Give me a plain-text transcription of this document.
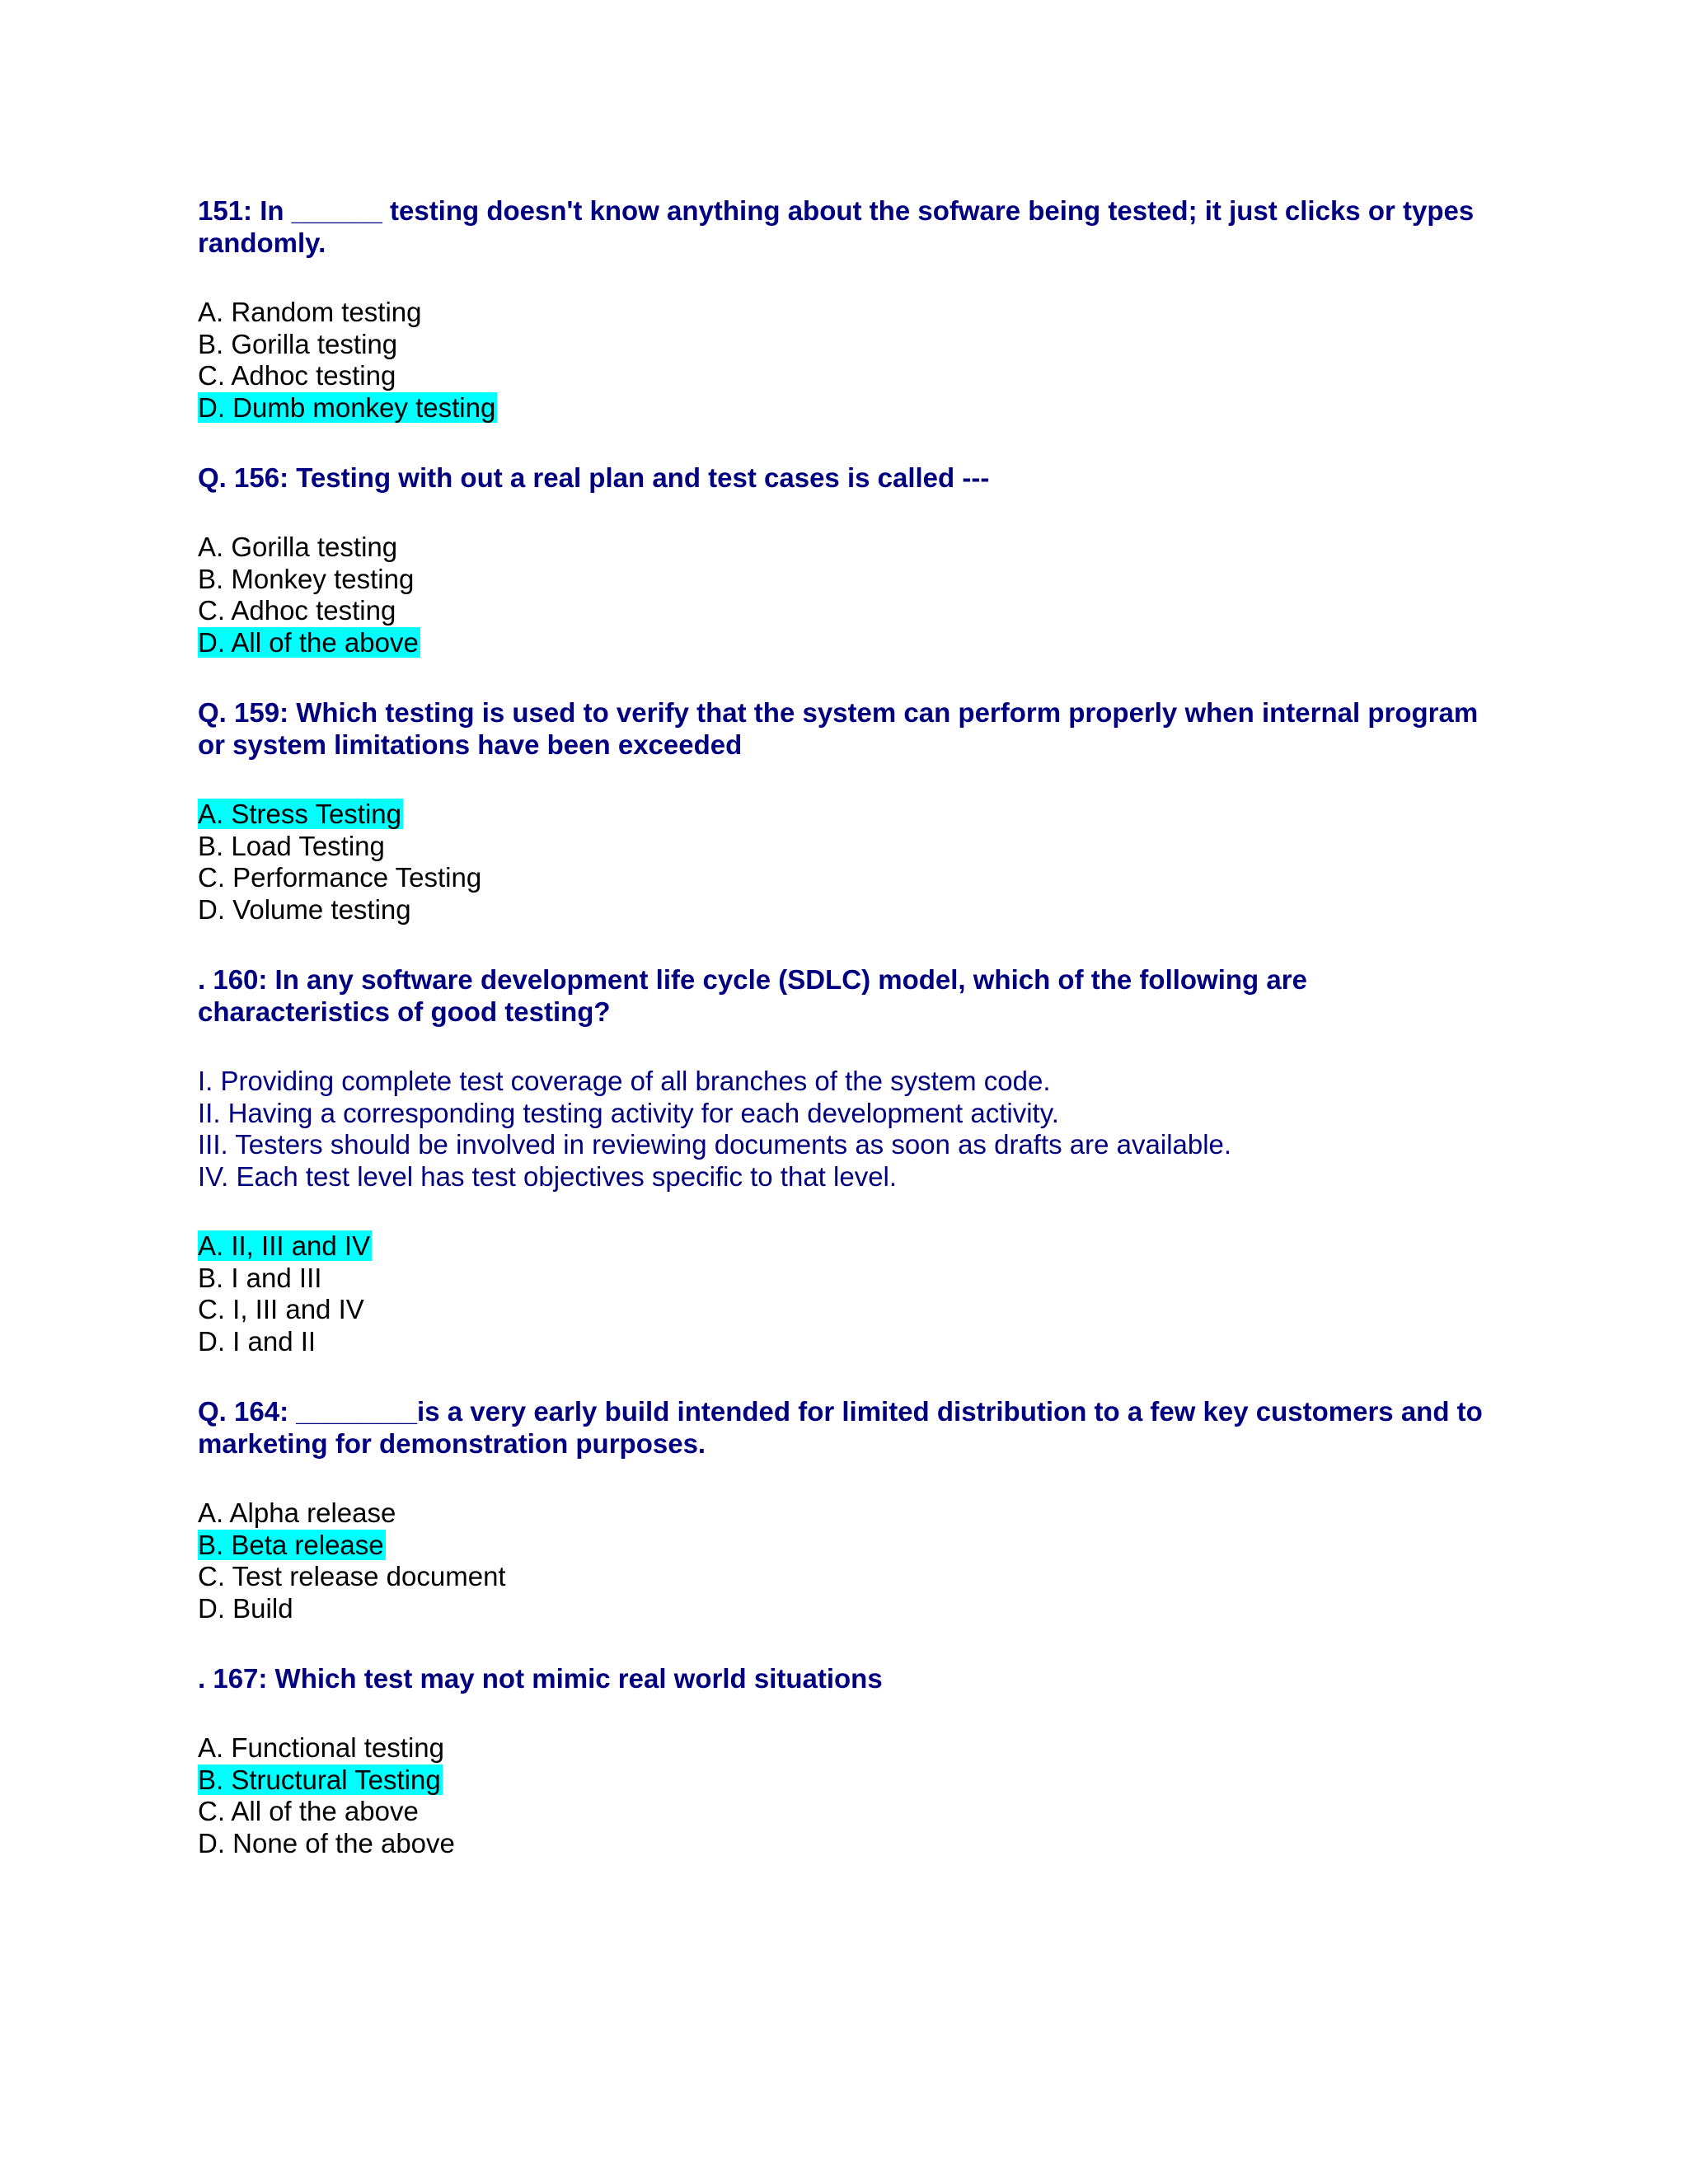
151: In ______ testing doesn't know anything about the sofware being tested; it just clicks or types randomly.

A. Random testing
B. Gorilla testing
C. Adhoc testing
D. Dumb monkey testing

Q. 156: Testing with out a real plan and test cases is called ---

A. Gorilla testing
B. Monkey testing
C. Adhoc testing
D. All of the above

Q. 159: Which testing is used to verify that the system can perform properly when internal program or system limitations have been exceeded

A. Stress Testing
B. Load Testing
C. Performance Testing
D. Volume testing

. 160: In any software development life cycle (SDLC) model, which of the following are characteristics of good testing?

I. Providing complete test coverage of all branches of the system code.
II. Having a corresponding testing activity for each development activity.
III. Testers should be involved in reviewing documents as soon as drafts are available.
IV. Each test level has test objectives specific to that level.
A. II, III and IV
B. I and III
C. I, III and IV
D. I and II

Q. 164: ________is a very early build intended for limited distribution to a few key customers and to marketing for demonstration purposes.

A. Alpha release
B. Beta release
C. Test release document
D. Build

. 167: Which test may not mimic real world situations

A. Functional testing
B. Structural Testing
C. All of the above
D. None of the above
